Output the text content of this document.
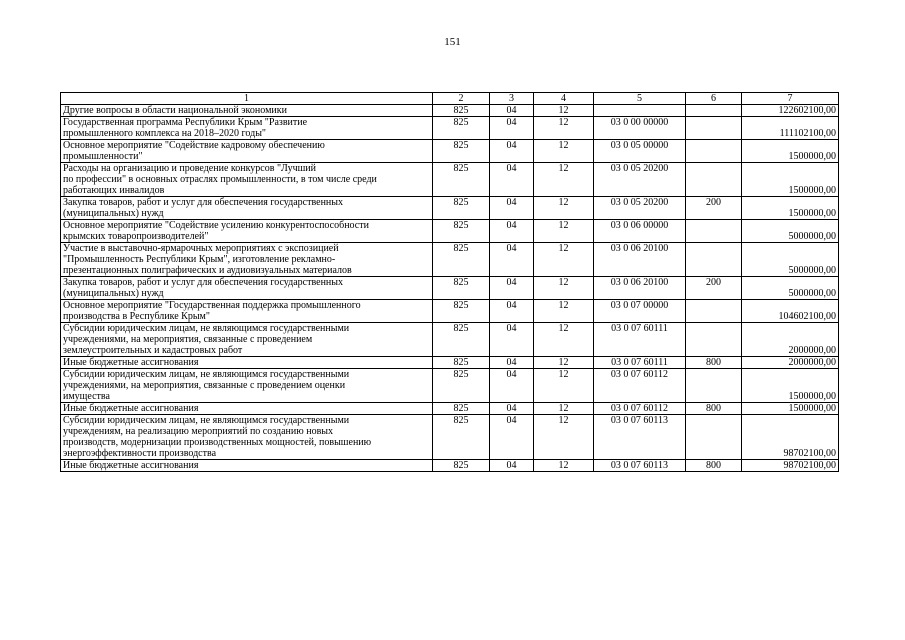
151
1	2	3	4	5	6	7
Другие вопросы в области национальной экономики	825	04	12			122602100,00
Государственная программа Республики Крым "Развитие
промышленного комплекса на 2018–2020 годы"	825	04	12	03 0 00 00000		111102100,00
Основное мероприятие "Содействие кадровому обеспечению
промышленности"	825	04	12	03 0 05 00000		1500000,00
Расходы на организацию и проведение конкурсов "Лучший
по профессии" в основных отраслях промышленности, в том числе среди
работающих инвалидов	825	04	12	03 0 05 20200		1500000,00
Закупка товаров, работ и услуг для обеспечения государственных
(муниципальных) нужд	825	04	12	03 0 05 20200	200	1500000,00
Основное мероприятие "Содействие усилению конкурентоспособности
крымских товаропроизводителей"	825	04	12	03 0 06 00000		5000000,00
Участие в выставочно-ярмарочных мероприятиях с экспозицией
"Промышленность Республики Крым", изготовление рекламно-
презентационных полиграфических и аудиовизуальных материалов	825	04	12	03 0 06 20100		5000000,00
Закупка товаров, работ и услуг для обеспечения государственных
(муниципальных) нужд	825	04	12	03 0 06 20100	200	5000000,00
Основное мероприятие "Государственная поддержка промышленного
производства в Республике Крым"	825	04	12	03 0 07 00000		104602100,00
Субсидии юридическим лицам, не являющимся государственными
учреждениями, на мероприятия, связанные с проведением
землеустроительных и кадастровых работ	825	04	12	03 0 07 60111		2000000,00
Иные бюджетные ассигнования	825	04	12	03 0 07 60111	800	2000000,00
Субсидии юридическим лицам, не являющимся государственными
учреждениями, на мероприятия, связанные с проведением оценки
имущества	825	04	12	03 0 07 60112		1500000,00
Иные бюджетные ассигнования	825	04	12	03 0 07 60112	800	1500000,00
Субсидии юридическим лицам, не являющимся государственными
учреждениям, на реализацию мероприятий по созданию новых
производств, модернизации производственных мощностей, повышению
энергоэффективности производства	825	04	12	03 0 07 60113		98702100,00
Иные бюджетные ассигнования	825	04	12	03 0 07 60113	800	98702100,00
